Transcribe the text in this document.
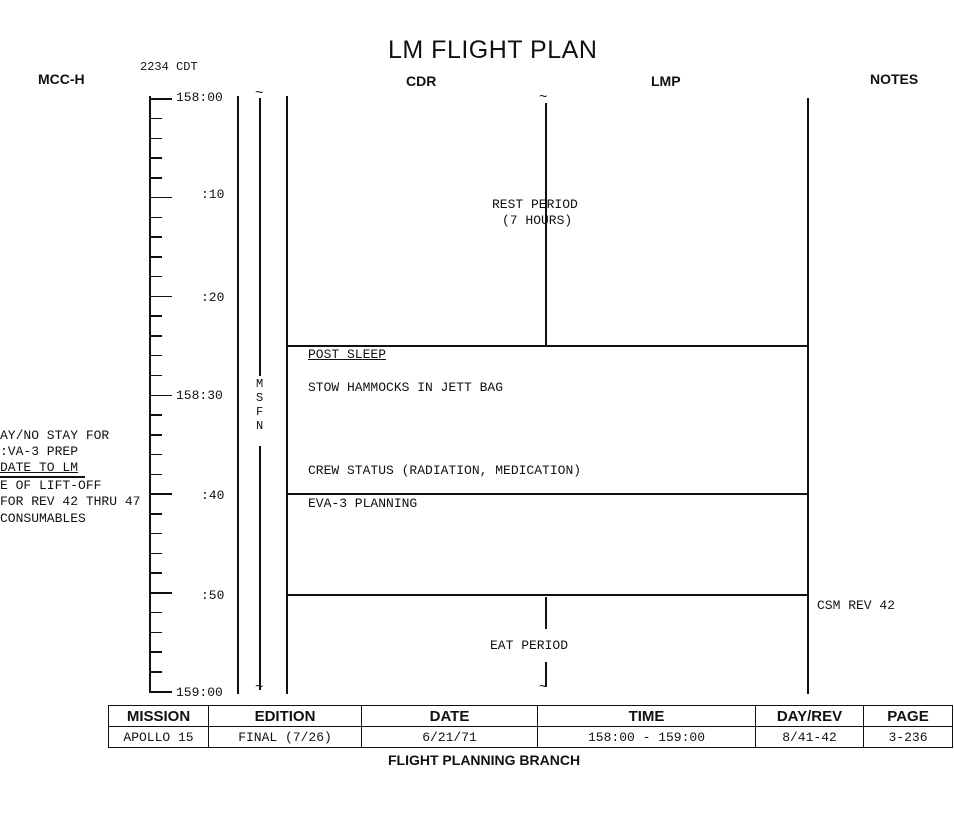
LM FLIGHT PLAN
MCC-H
2234 CDT
CDR	LMP	NOTES
158:00
:10
:20
158:30
:40
:50
159:00
~
~
M
S
F
N
~
~
REST PERIOD
(7 HOURS)
POST SLEEP
STOW HAMMOCKS IN JETT BAG
CREW STATUS (RADIATION, MEDICATION)
EVA-3 PLANNING
EAT PERIOD
CSM REV 42
AY/NO STAY FOR
:VA-3 PREP
DATE TO LM
E OF LIFT-OFF
FOR REV 42 THRU 47
CONSUMABLES
MISSION	EDITION	DATE	TIME	DAY/REV	PAGE
APOLLO 15	FINAL (7/26)	6/21/71	158:00 - 159:00	8/41-42	3-236
FLIGHT PLANNING BRANCH
